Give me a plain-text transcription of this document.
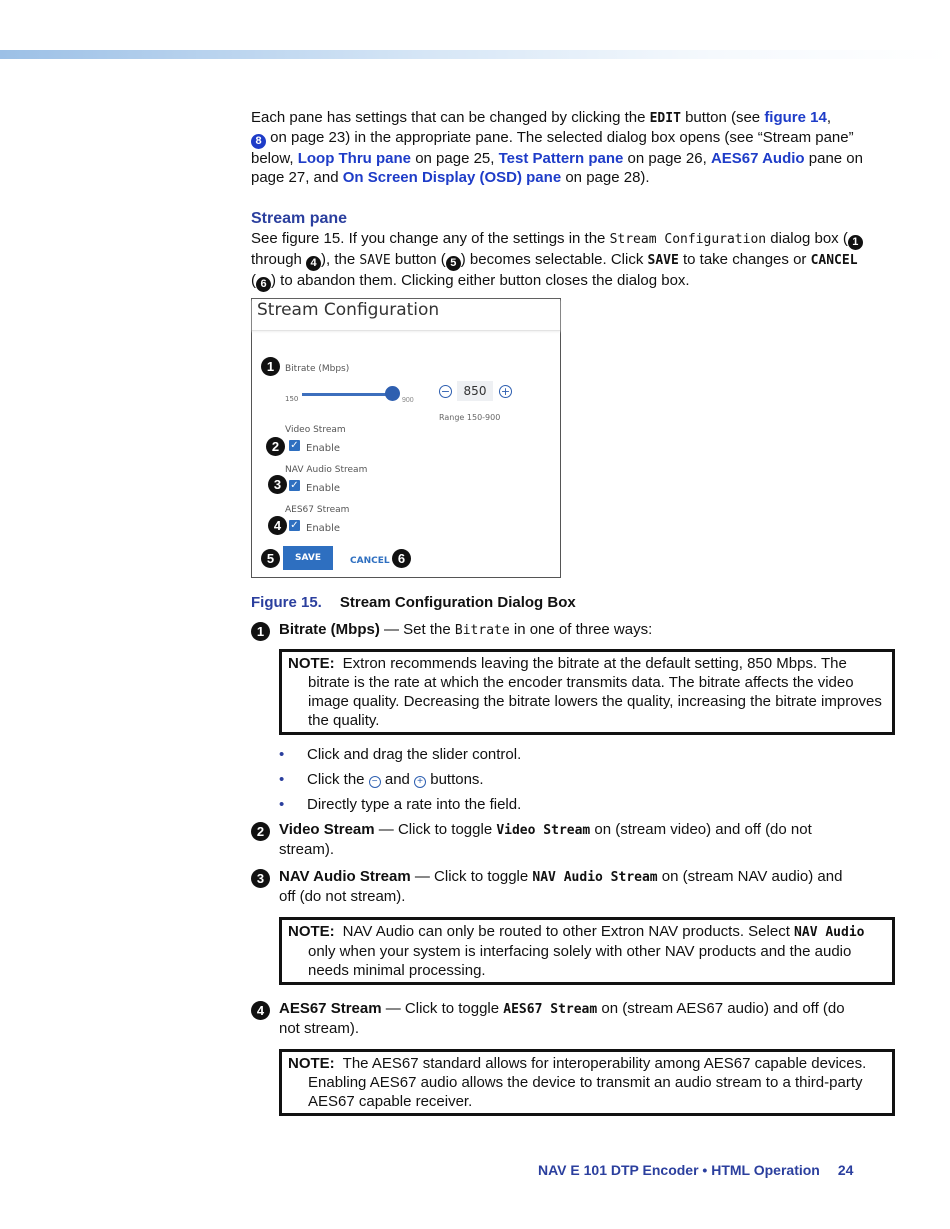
Each pane has settings that can be changed by clicking the EDIT button (see figure 14,
8 on page 23) in the appropriate pane. The selected dialog box opens (see “Stream pane” below, Loop Thru pane on page 25, Test Pattern pane on page 26, AES67 Audio pane on page 27, and On Screen Display (OSD) pane on page 28).

Stream pane

See figure 15. If you change any of the settings in the Stream Configuration dialog box ( 1 through 4 ), the SAVE button ( 5 ) becomes selectable. Click SAVE to take changes or CANCEL ( 6 ) to abandon them. Clicking either button closes the dialog box.

Stream Configuration
1	Bitrate (Mbps)
150	900
−	850	+
Range 150-900
Video Stream
2	✓ Enable
NAV Audio Stream
3 ✓ Enable
AES67 Stream
4 ✓ Enable
5	SAVE	CANCEL 6
Figure 15. Stream Configuration Dialog Box
1 Bitrate (Mbps) — Set the Bitrate in one of three ways:
NOTE: Extron recommends leaving the bitrate at the default setting, 850 Mbps. The bitrate is the rate at which the encoder transmits data. The bitrate affects the video image quality. Decreasing the bitrate lowers the quality, increasing the bitrate improves the quality.
• Click and drag the slider control.
• Click the − and + buttons.
• Directly type a rate into the field.
2 Video Stream — Click to toggle Video Stream on (stream video) and off (do not stream).
3 NAV Audio Stream — Click to toggle NAV Audio Stream on (stream NAV audio) and off (do not stream).
NOTE: NAV Audio can only be routed to other Extron NAV products. Select NAV Audio only when your system is interfacing solely with other NAV products and the audio needs minimal processing.
4 AES67 Stream — Click to toggle AES67 Stream on (stream AES67 audio) and off (do not stream).
NOTE: The AES67 standard allows for interoperability among AES67 capable devices. Enabling AES67 audio allows the device to transmit an audio stream to a third-party AES67 capable receiver.
NAV E 101 DTP Encoder • HTML Operation 24
